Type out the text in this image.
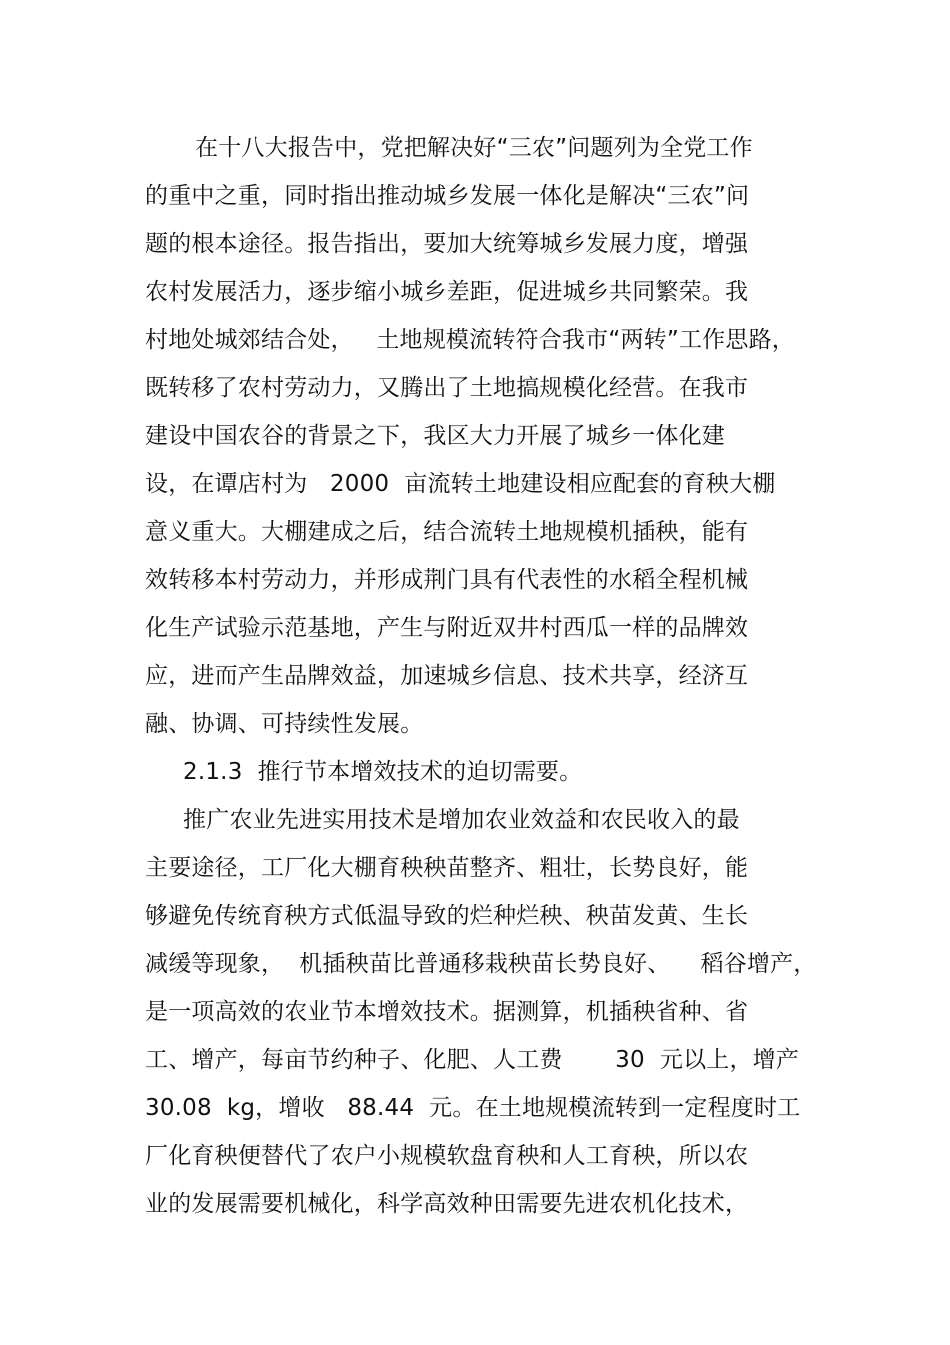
在十八大报告中，党把解决好“三农”问题列为全党工作
的重中之重，同时指出推动城乡发展一体化是解决“三农”问
题的根本途径。报告指出，要加大统筹城乡发展力度，增强
农村发展活力，逐步缩小城乡差距，促进城乡共同繁荣。我
村地处城郊结合处，   土地规模流转符合我市“两转”工作思路，
既转移了农村劳动力，又腾出了土地搞规模化经营。在我市
建设中国农谷的背景之下，我区大力开展了城乡一体化建
设，在谭店村为   2000  亩流转土地建设相应配套的育秧大棚
意义重大。大棚建成之后，结合流转土地规模机插秧，能有
效转移本村劳动力，并形成荆门具有代表性的水稻全程机械
化生产试验示范基地，产生与附近双井村西瓜一样的品牌效
应，进而产生品牌效益，加速城乡信息、技术共享，经济互
融、协调、可持续性发展。
2.1.3  推行节本增效技术的迫切需要。
推广农业先进实用技术是增加农业效益和农民收入的最
主要途径，工厂化大棚育秧秧苗整齐、粗壮，长势良好，能
够避免传统育秧方式低温导致的烂种烂秧、秧苗发黄、生长
减缓等现象，  机插秧苗比普通移栽秧苗长势良好、    稻谷增产，
是一项高效的农业节本增效技术。据测算，机插秧省种、省
工、增产，每亩节约种子、化肥、人工费       30  元以上，增产
30.08  kg，增收   88.44  元。在土地规模流转到一定程度时工
厂化育秧便替代了农户小规模软盘育秧和人工育秧，所以农
业的发展需要机械化，科学高效种田需要先进农机化技术，
